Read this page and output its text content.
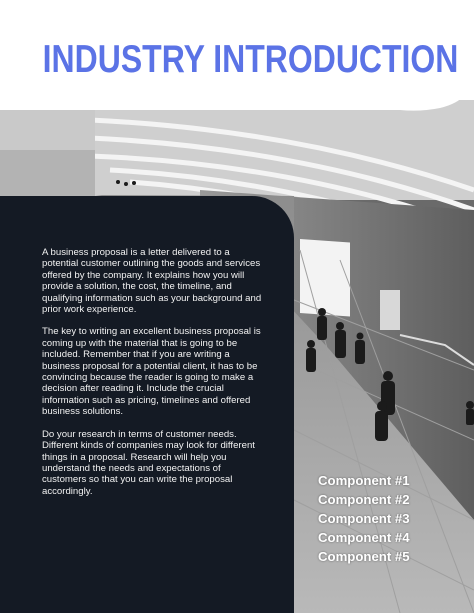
INDUSTRY INTRODUCTION

A business proposal is a letter delivered to a potential customer outlining the goods and services offered by the company. It explains how you will provide a solution, the cost, the timeline, and qualifying information such as your background and prior work experience.

The key to writing an excellent business proposal is coming up with the material that is going to be included. Remember that if you are writing a business proposal for a potential client, it has to be convincing because the reader is going to make a decision after reading it. Include the crucial information such as pricing, timelines and offered business solutions.

Do your research in terms of customer needs. Different kinds of companies may look for different things in a proposal. Research will help you understand the needs and expectations of customers so that you can write the proposal accordingly.

Component #1
Component #2
Component #3
Component #4
Component #5
